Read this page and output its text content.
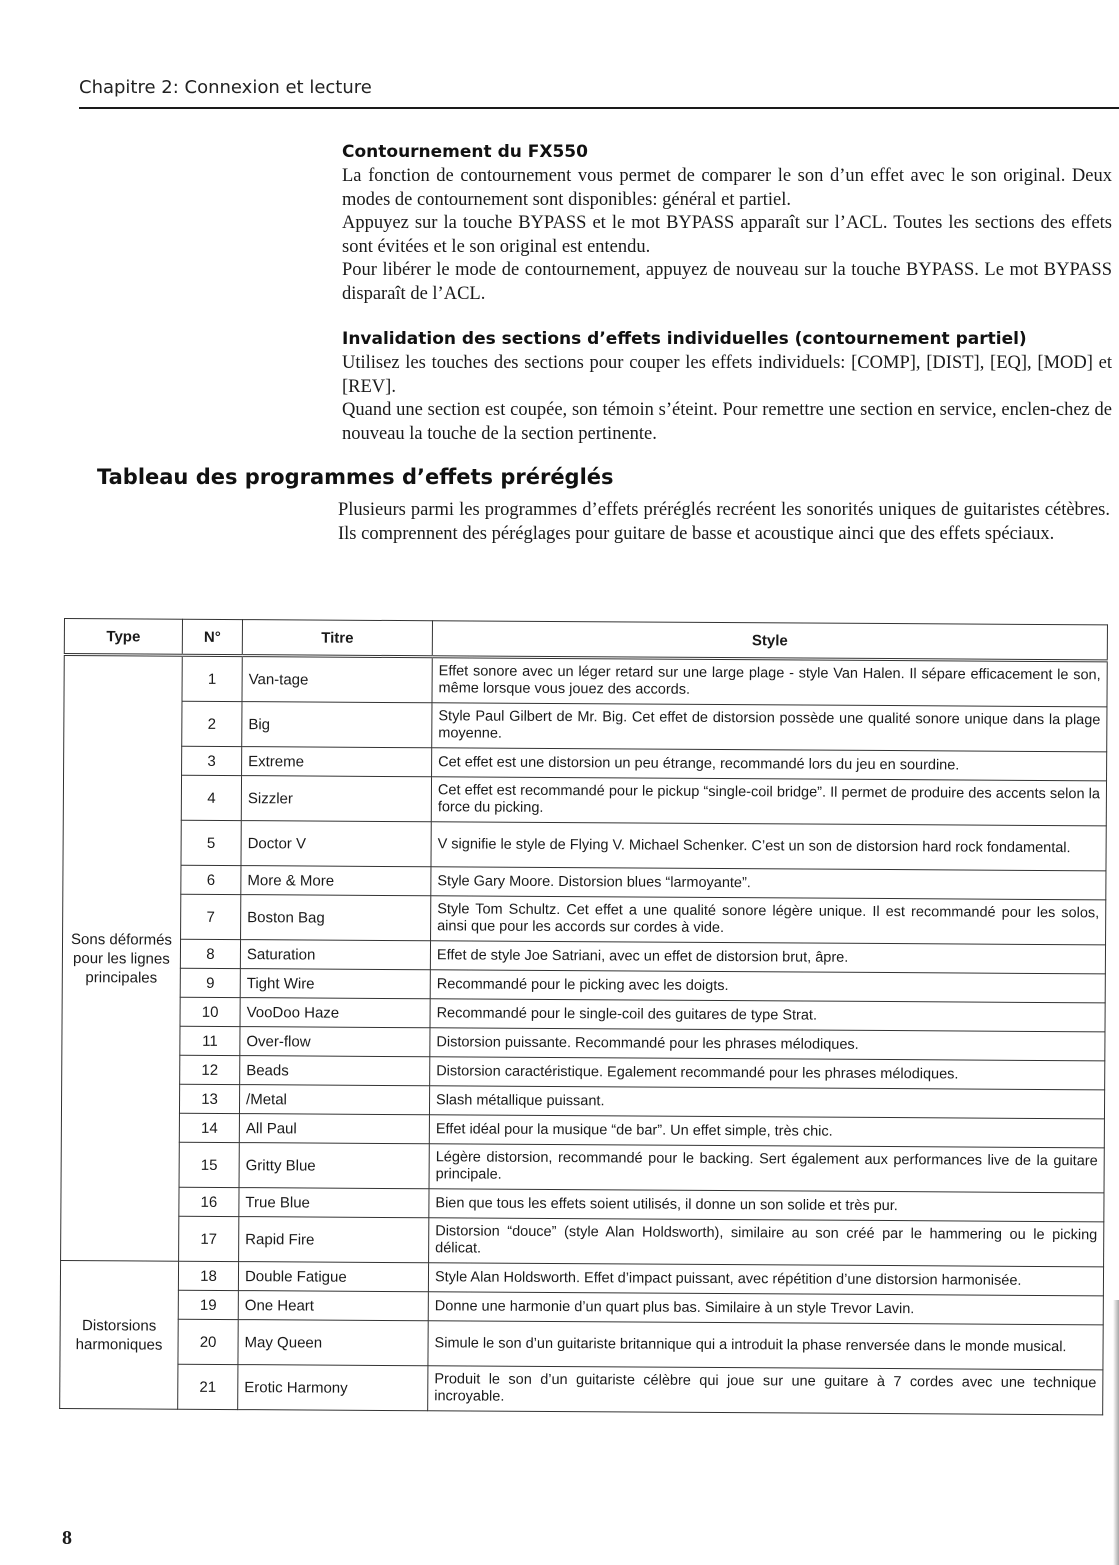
Chapitre 2: Connexion et lecture
Contournement du FX550

La fonction de contournement vous permet de comparer le son d’un effet avec le son original. Deux modes de contournement sont disponibles: général et partiel.

Appuyez sur la touche BYPASS et le mot BYPASS apparaît sur l’ACL. Toutes les sections des effets sont évitées et le son original est entendu.

Pour libérer le mode de contournement, appuyez de nouveau sur la touche BYPASS. Le mot BYPASS disparaît de l’ACL.

Invalidation des sections d’effets individuelles (contournement partiel)

Utilisez les touches des sections pour couper les effets individuels: [COMP], [DIST], [EQ], [MOD] et [REV].

Quand une section est coupée, son témoin s’éteint. Pour remettre une section en service, enclen-chez de nouveau la touche de la section pertinente.

Tableau des programmes d’effets préréglés

Plusieurs parmi les programmes d’effets préréglés recréent les sonorités uniques de guitaristes cétèbres. Ils comprennent des péréglages pour guitare de basse et acoustique ainci que des effets spéciaux.

Type	N°	Titre	Style
Sons déformés pour les lignes principales	1	Van-tage	Effet sonore avec un léger retard sur une large plage - style Van Halen. Il sépare efficacement le son, même lorsque vous jouez des accords.
	2	Big	Style Paul Gilbert de Mr. Big. Cet effet de distorsion possède une qualité sonore unique dans la plage moyenne.
	3	Extreme	Cet effet est une distorsion un peu étrange, recommandé lors du jeu en sourdine.
	4	Sizzler	Cet effet est recommandé pour le pickup “single-coil bridge”. Il permet de produire des accents selon la force du picking.
	5	Doctor V	V signifie le style de Flying V. Michael Schenker. C’est un son de distorsion hard rock fondamental.
	6	More & More	Style Gary Moore. Distorsion blues “larmoyante”.
	7	Boston Bag	Style Tom Schultz. Cet effet a une qualité sonore légère unique. Il est recommandé pour les solos, ainsi que pour les accords sur cordes à vide.
	8	Saturation	Effet de style Joe Satriani, avec un effet de distorsion brut, âpre.
	9	Tight Wire	Recommandé pour le picking avec les doigts.
	10	VooDoo Haze	Recommandé pour le single-coil des guitares de type Strat.
	11	Over-flow	Distorsion puissante. Recommandé pour les phrases mélodiques.
	12	Beads	Distorsion caractéristique. Egalement recommandé pour les phrases mélodiques.
	13	/Metal	Slash métallique puissant.
	14	All Paul	Effet idéal pour la musique “de bar”. Un effet simple, très chic.
	15	Gritty Blue	Légère distorsion, recommandé pour le backing. Sert également aux performances live de la guitare principale.
	16	True Blue	Bien que tous les effets soient utilisés, il donne un son solide et très pur.
	17	Rapid Fire	Distorsion “douce” (style Alan Holdsworth), similaire au son créé par le hammering ou le picking délicat.
Distorsions harmoniques	18	Double Fatigue	Style Alan Holdsworth. Effet d’impact puissant, avec répétition d’une distorsion harmonisée.
	19	One Heart	Donne une harmonie d’un quart plus bas. Similaire à un style Trevor Lavin.
	20	May Queen	Simule le son d’un guitariste britannique qui a introduit la phase renversée dans le monde musical.
	21	Erotic Harmony	Produit le son d’un guitariste célèbre qui joue sur une guitare à 7 cordes avec une technique incroyable.
8
